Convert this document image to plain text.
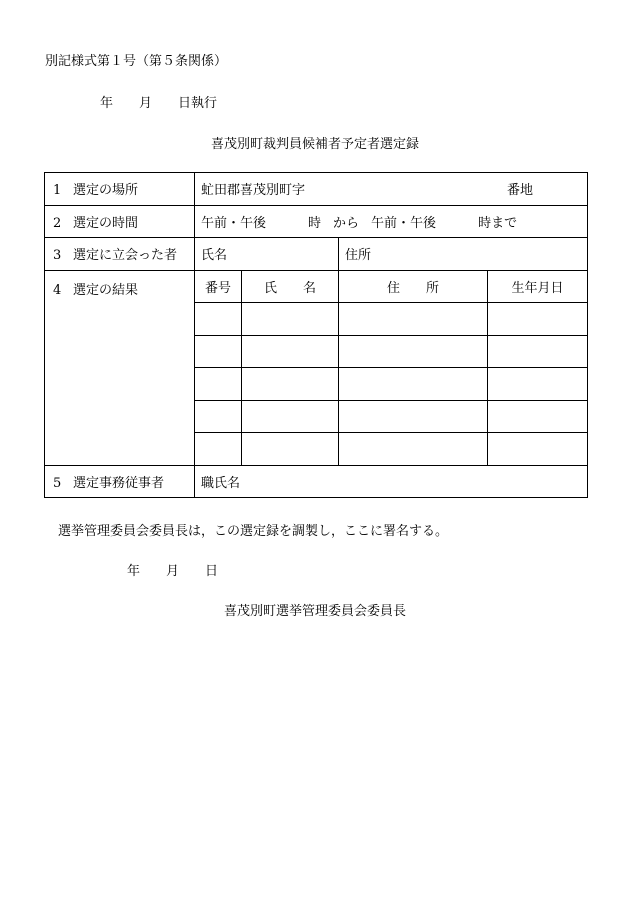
別記様式第１号（第５条関係）
年 月 日執行
喜茂別町裁判員候補者予定者選定録
1 選定の場所	虻田郡喜茂別町字 番地			
2 選定の時間	午前・午後 時 から 午前・午後 時まで			
3 選定に立会った者	氏名		住所	
4 選定の結果	番号	氏 名	住 所	生年月日

5 選定事務従事者	職氏名			
選挙管理委員会委員長は，この選定録を調製し，ここに署名する。
年 月 日
喜茂別町選挙管理委員会委員長
